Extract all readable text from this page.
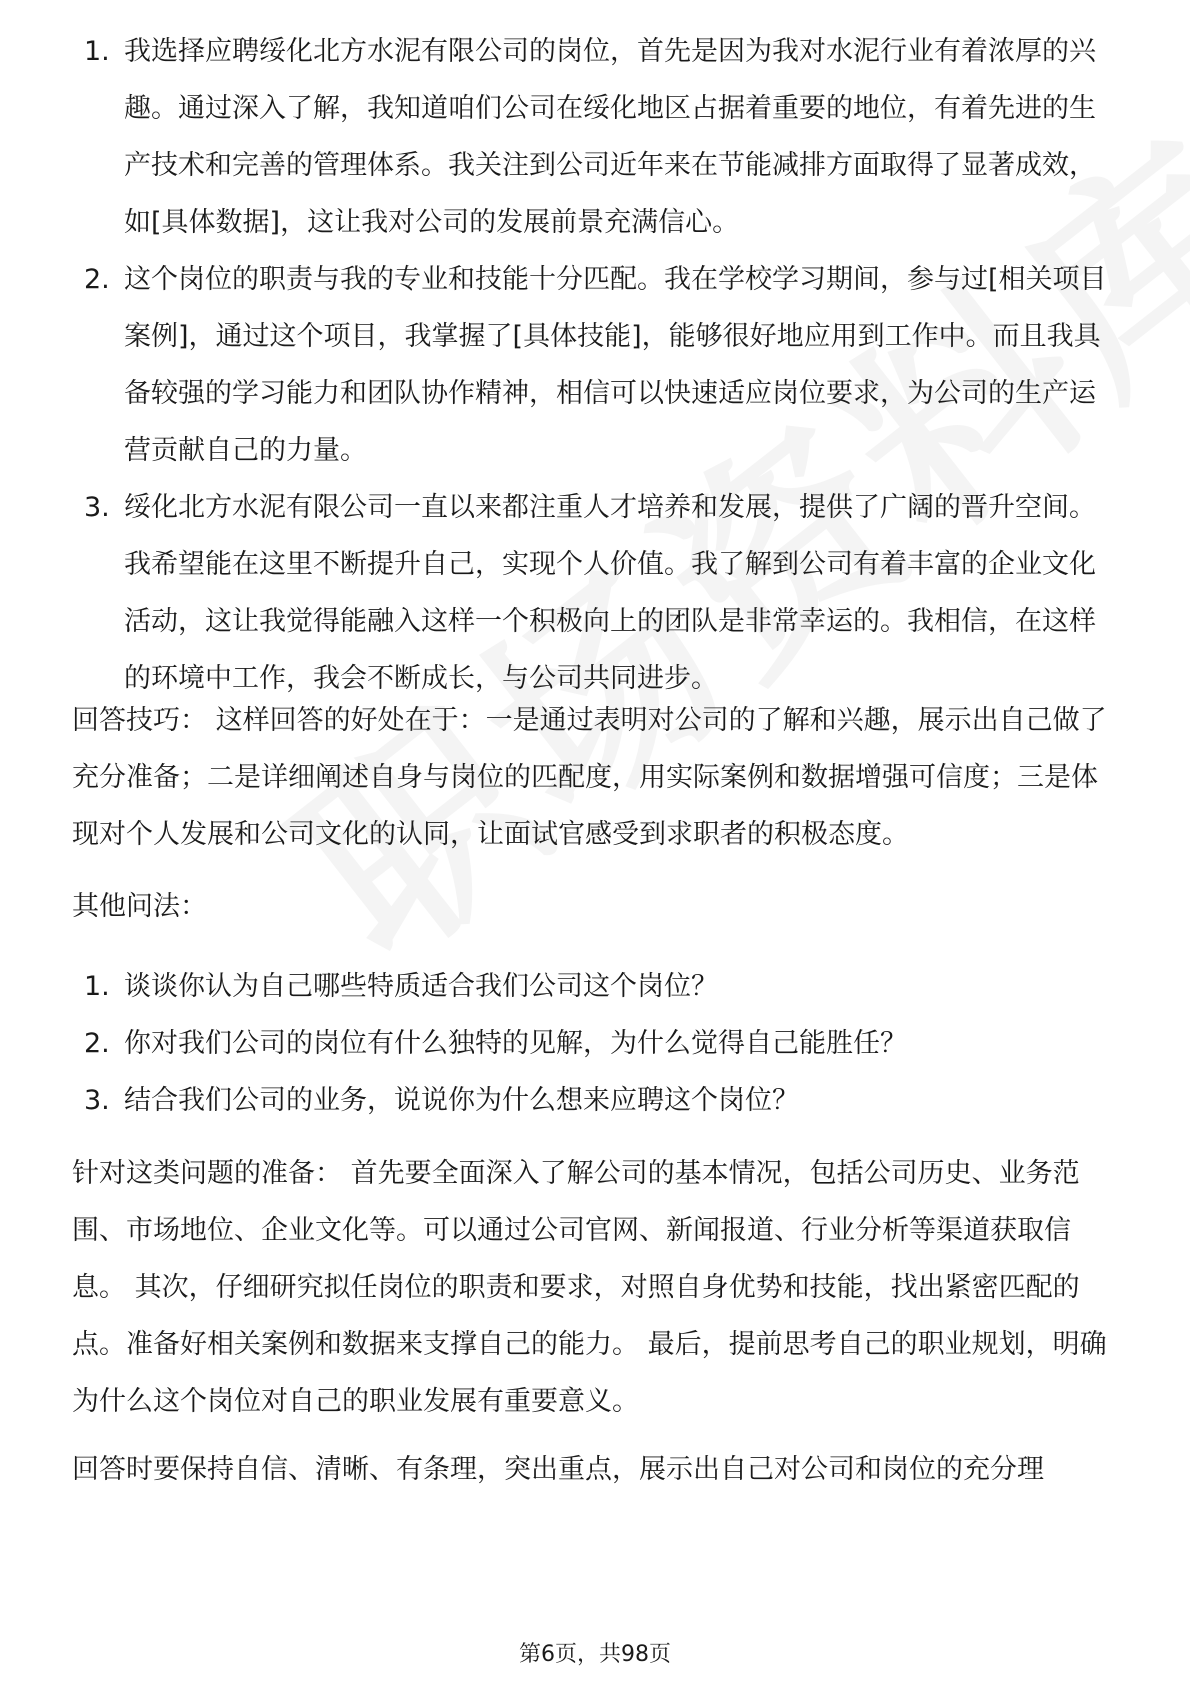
1. 我选择应聘绥化北方水泥有限公司的岗位，首先是因为我对水泥行业有着浓厚的兴趣。通过深入了解，我知道咱们公司在绥化地区占据着重要的地位，有着先进的生产技术和完善的管理体系。我关注到公司近年来在节能减排方面取得了显著成效，如[具体数据]，这让我对公司的发展前景充满信心。
2. 这个岗位的职责与我的专业和技能十分匹配。我在学校学习期间，参与过[相关项目案例]，通过这个项目，我掌握了[具体技能]，能够很好地应用到工作中。而且我具备较强的学习能力和团队协作精神，相信可以快速适应岗位要求，为公司的生产运营贡献自己的力量。
3. 绥化北方水泥有限公司一直以来都注重人才培养和发展，提供了广阔的晋升空间。我希望能在这里不断提升自己，实现个人价值。我了解到公司有着丰富的企业文化活动，这让我觉得能融入这样一个积极向上的团队是非常幸运的。我相信，在这样的环境中工作，我会不断成长，与公司共同进步。

回答技巧： 这样回答的好处在于：一是通过表明对公司的了解和兴趣，展示出自己做了充分准备；二是详细阐述自身与岗位的匹配度，用实际案例和数据增强可信度；三是体现对个人发展和公司文化的认同，让面试官感受到求职者的积极态度。

其他问法：

1. 谈谈你认为自己哪些特质适合我们公司这个岗位？
2. 你对我们公司的岗位有什么独特的见解，为什么觉得自己能胜任？
3. 结合我们公司的业务，说说你为什么想来应聘这个岗位？

针对这类问题的准备： 首先要全面深入了解公司的基本情况，包括公司历史、业务范围、市场地位、企业文化等。可以通过公司官网、新闻报道、行业分析等渠道获取信息。 其次，仔细研究拟任岗位的职责和要求，对照自身优势和技能，找出紧密匹配的点。准备好相关案例和数据来支撑自己的能力。 最后，提前思考自己的职业规划，明确为什么这个岗位对自己的职业发展有重要意义。

回答时要保持自信、清晰、有条理，突出重点，展示出自己对公司和岗位的充分理

第6页，共98页
